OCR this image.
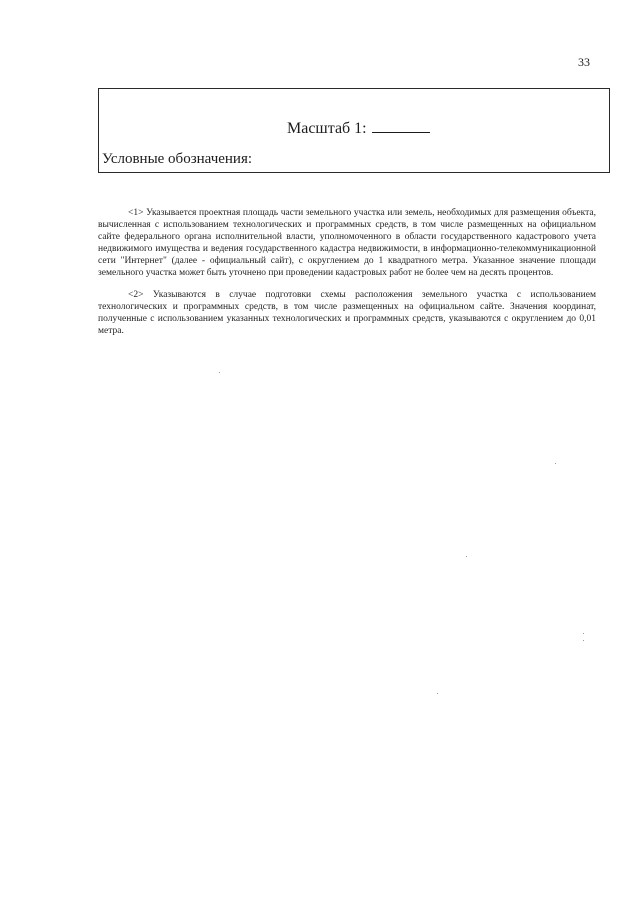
33
Масштаб 1:
Условные обозначения:

<1> Указывается проектная площадь части земельного участка или земель, необходимых для размещения объекта, вычисленная с использованием технологических и программных средств, в том числе размещенных на официальном сайте федерального органа исполнительной власти, уполномоченного в области государственного кадастрового учета недвижимого имущества и ведения государственного кадастра недвижимости, в информационно-телекоммуникационной сети "Интернет" (далее - официальный сайт), с округлением до 1 квадратного метра. Указанное значение площади земельного участка может быть уточнено при проведении кадастровых работ не более чем на десять процентов.

<2> Указываются в случае подготовки схемы расположения земельного участка с использованием технологических и программных средств, в том числе размещенных на официальном сайте. Значения координат, полученные с использованием указанных технологических и программных средств, указываются с округлением до 0,01 метра.
